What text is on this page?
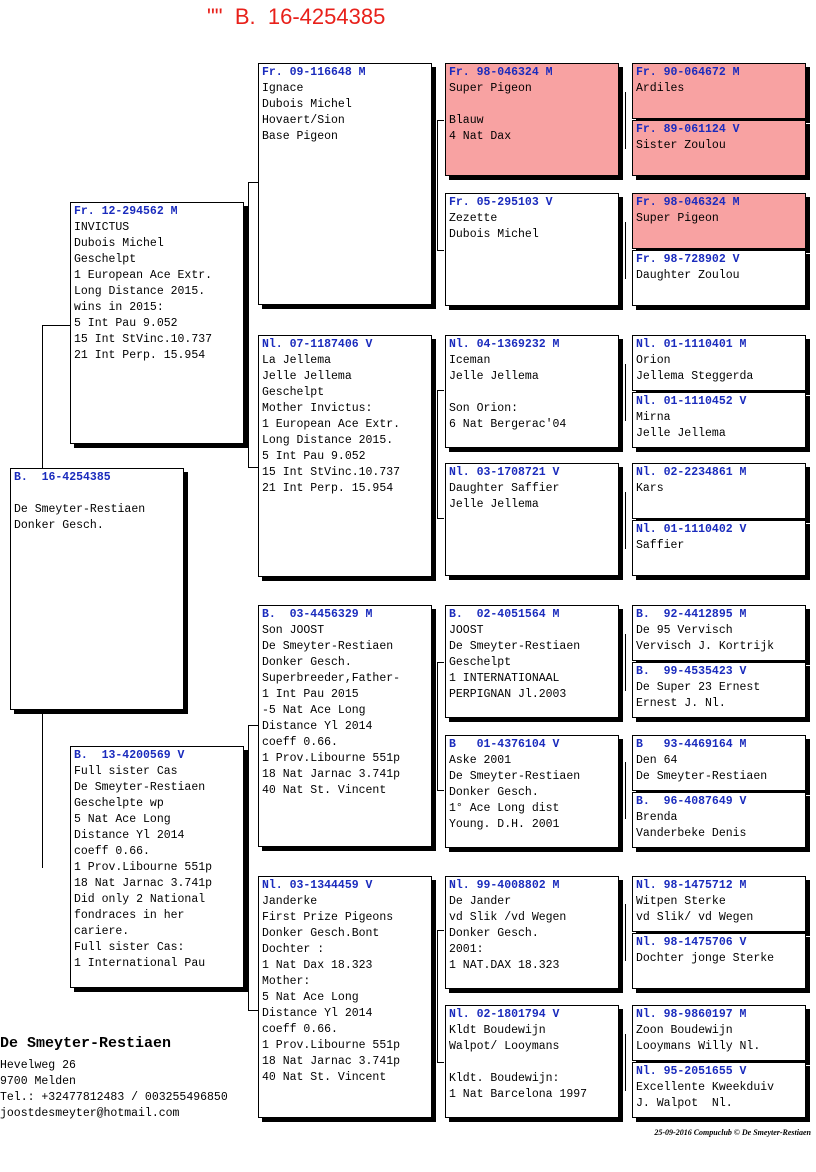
""  B.  16-4254385
B.  16-4254385
De Smeyter-Restiaen
Donker Gesch.
Fr. 12-294562 M
INVICTUS
Dubois Michel
Geschelpt
1 European Ace Extr.
Long Distance 2015.
wins in 2015:
5 Int Pau 9.052
15 Int StVinc.10.737
21 Int Perp. 15.954
B.  13-4200569 V
Full sister Cas
De Smeyter-Restiaen
Geschelpte wp
5 Nat Ace Long
Distance Yl 2014
coeff 0.66.
1 Prov.Libourne 551p
18 Nat Jarnac 3.741p
Did only 2 National
fondraces in her
cariere.
Full sister Cas:
1 International Pau
Fr. 09-116648 M
Ignace
Dubois Michel
Hovaert/Sion
Base Pigeon
Nl. 07-1187406 V
La Jellema
Jelle Jellema
Geschelpt
Mother Invictus:
1 European Ace Extr.
Long Distance 2015.
5 Int Pau 9.052
15 Int StVinc.10.737
21 Int Perp. 15.954
B.  03-4456329 M
Son JOOST
De Smeyter-Restiaen
Donker Gesch.
Superbreeder,Father-
1 Int Pau 2015
-5 Nat Ace Long
Distance Yl 2014
coeff 0.66.
1 Prov.Libourne 551p
18 Nat Jarnac 3.741p
40 Nat St. Vincent
Nl. 03-1344459 V
Janderke
First Prize Pigeons
Donker Gesch.Bont
Dochter :
1 Nat Dax 18.323
Mother:
5 Nat Ace Long
Distance Yl 2014
coeff 0.66.
1 Prov.Libourne 551p
18 Nat Jarnac 3.741p
40 Nat St. Vincent
Fr. 98-046324 M
Super Pigeon
Blauw
4 Nat Dax
Fr. 05-295103 V
Zezette
Dubois Michel
Nl. 04-1369232 M
Iceman
Jelle Jellema
Son Orion:
6 Nat Bergerac'04
Nl. 03-1708721 V
Daughter Saffier
Jelle Jellema
B.  02-4051564 M
JOOST
De Smeyter-Restiaen
Geschelpt
1 INTERNATIONAAL
PERPIGNAN Jl.2003
B   01-4376104 V
Aske 2001
De Smeyter-Restiaen
Donker Gesch.
1° Ace Long dist
Young. D.H. 2001
Nl. 99-4008802 M
De Jander
vd Slik /vd Wegen
Donker Gesch.
2001:
1 NAT.DAX 18.323
Nl. 02-1801794 V
Kldt Boudewijn
Walpot/ Looymans
Kldt. Boudewijn:
1 Nat Barcelona 1997
Fr. 90-064672 M
Ardiles
Fr. 89-061124 V
Sister Zoulou
Fr. 98-046324 M
Super Pigeon
Fr. 98-728902 V
Daughter Zoulou
Nl. 01-1110401 M
Orion
Jellema Steggerda
Nl. 01-1110452 V
Mirna
Jelle Jellema
Nl. 02-2234861 M
Kars
Nl. 01-1110402 V
Saffier
B.  92-4412895 M
De 95 Vervisch
Vervisch J. Kortrijk
B.  99-4535423 V
De Super 23 Ernest
Ernest J. Nl.
B   93-4469164 M
Den 64
De Smeyter-Restiaen
B.  96-4087649 V
Brenda
Vanderbeke Denis
Nl. 98-1475712 M
Witpen Sterke
vd Slik/ vd Wegen
Nl. 98-1475706 V
Dochter jonge Sterke
Nl. 98-9860197 M
Zoon Boudewijn
Looymans Willy Nl.
Nl. 95-2051655 V
Excellente Kweekduiv
J. Walpot  Nl.
De Smeyter-Restiaen
Hevelweg 26
9700 Melden
Tel.: +32477812483 / 003255496850
joostdesmeyter@hotmail.com
25-09-2016 Compuclub © De Smeyter-Restiaen
